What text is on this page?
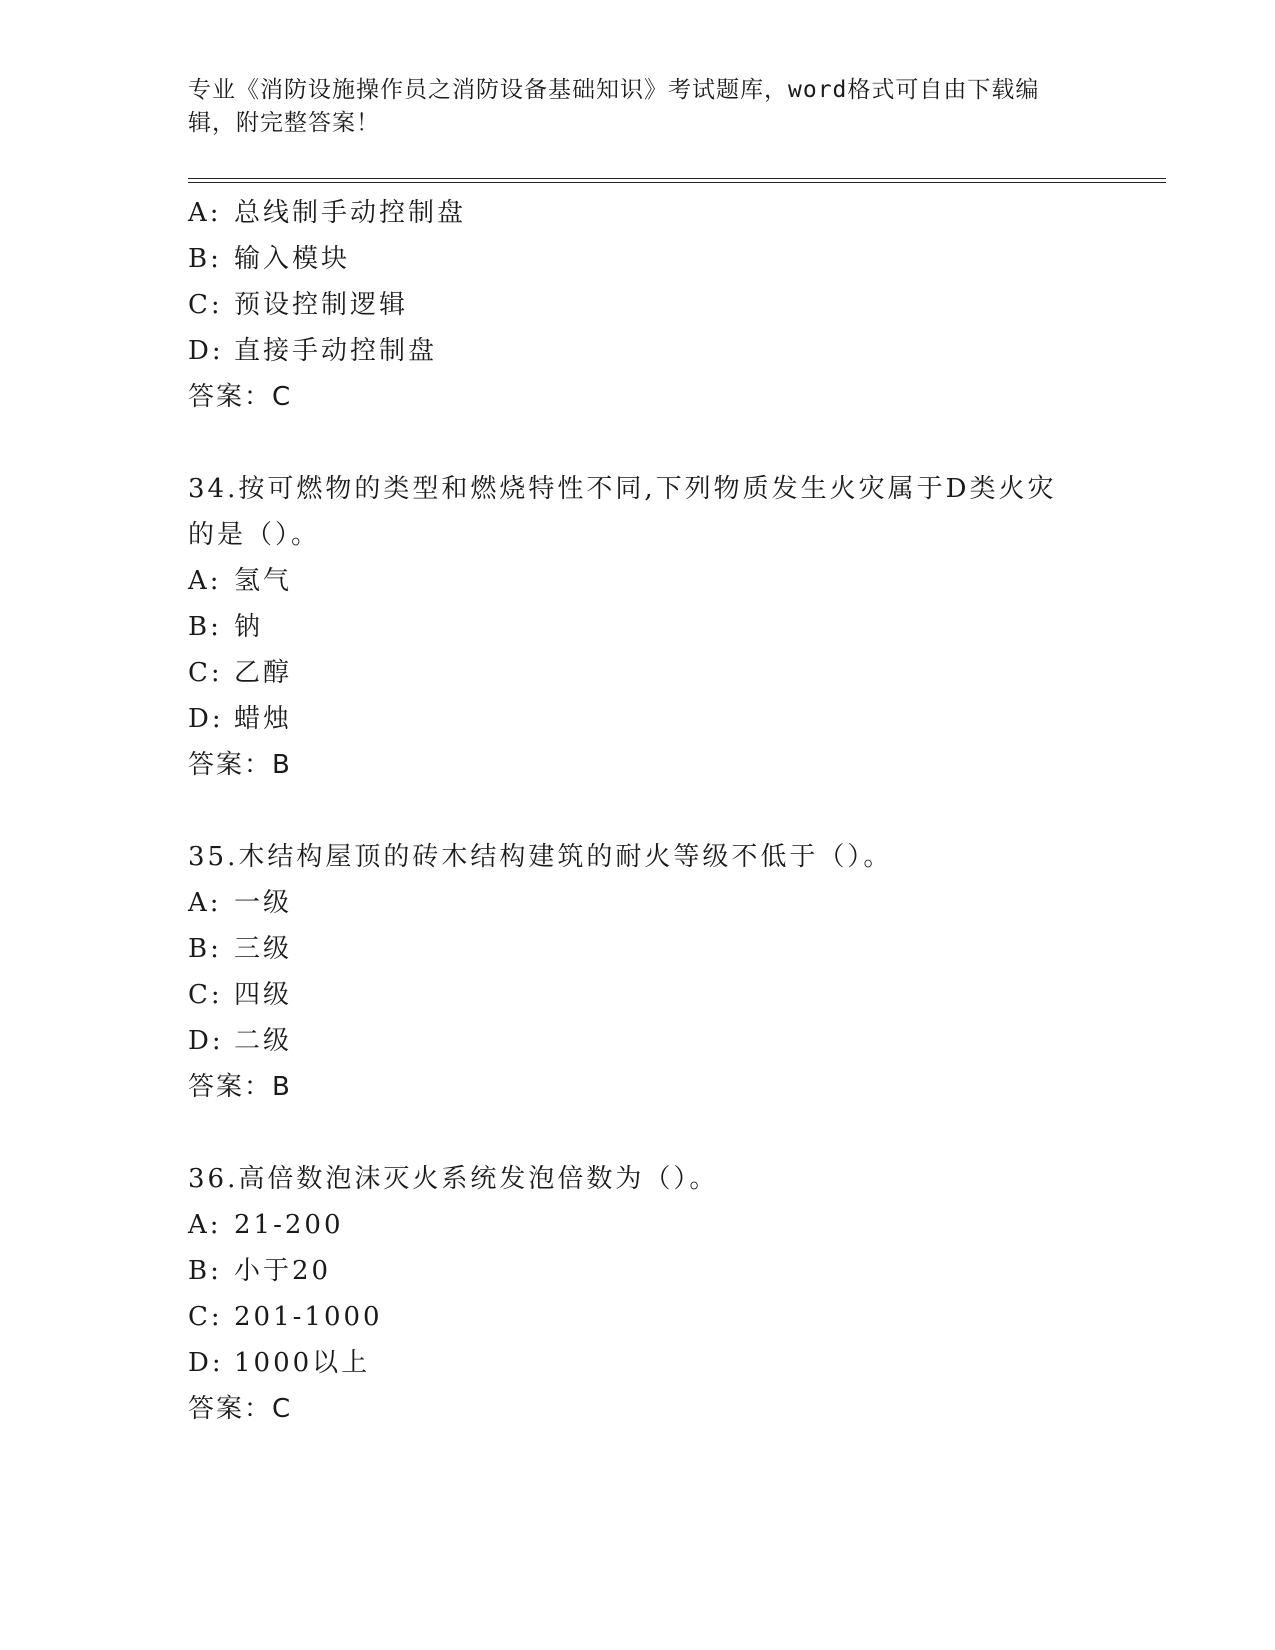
专业《消防设施操作员之消防设备基础知识》考试题库，word格式可自由下载编辑，附完整答案！
A: 总线制手动控制盘
B: 输入模块
C: 预设控制逻辑
D: 直接手动控制盘
答案：C
34.按可燃物的类型和燃烧特性不同,下列物质发生火灾属于D类火灾的是（）。
A: 氢气
B: 钠
C: 乙醇
D: 蜡烛
答案：B
35.木结构屋顶的砖木结构建筑的耐火等级不低于（）。
A: 一级
B: 三级
C: 四级
D: 二级
答案：B
36.高倍数泡沫灭火系统发泡倍数为（）。
A: 21-200
B: 小于20
C: 201-1000
D: 1000以上
答案：C
